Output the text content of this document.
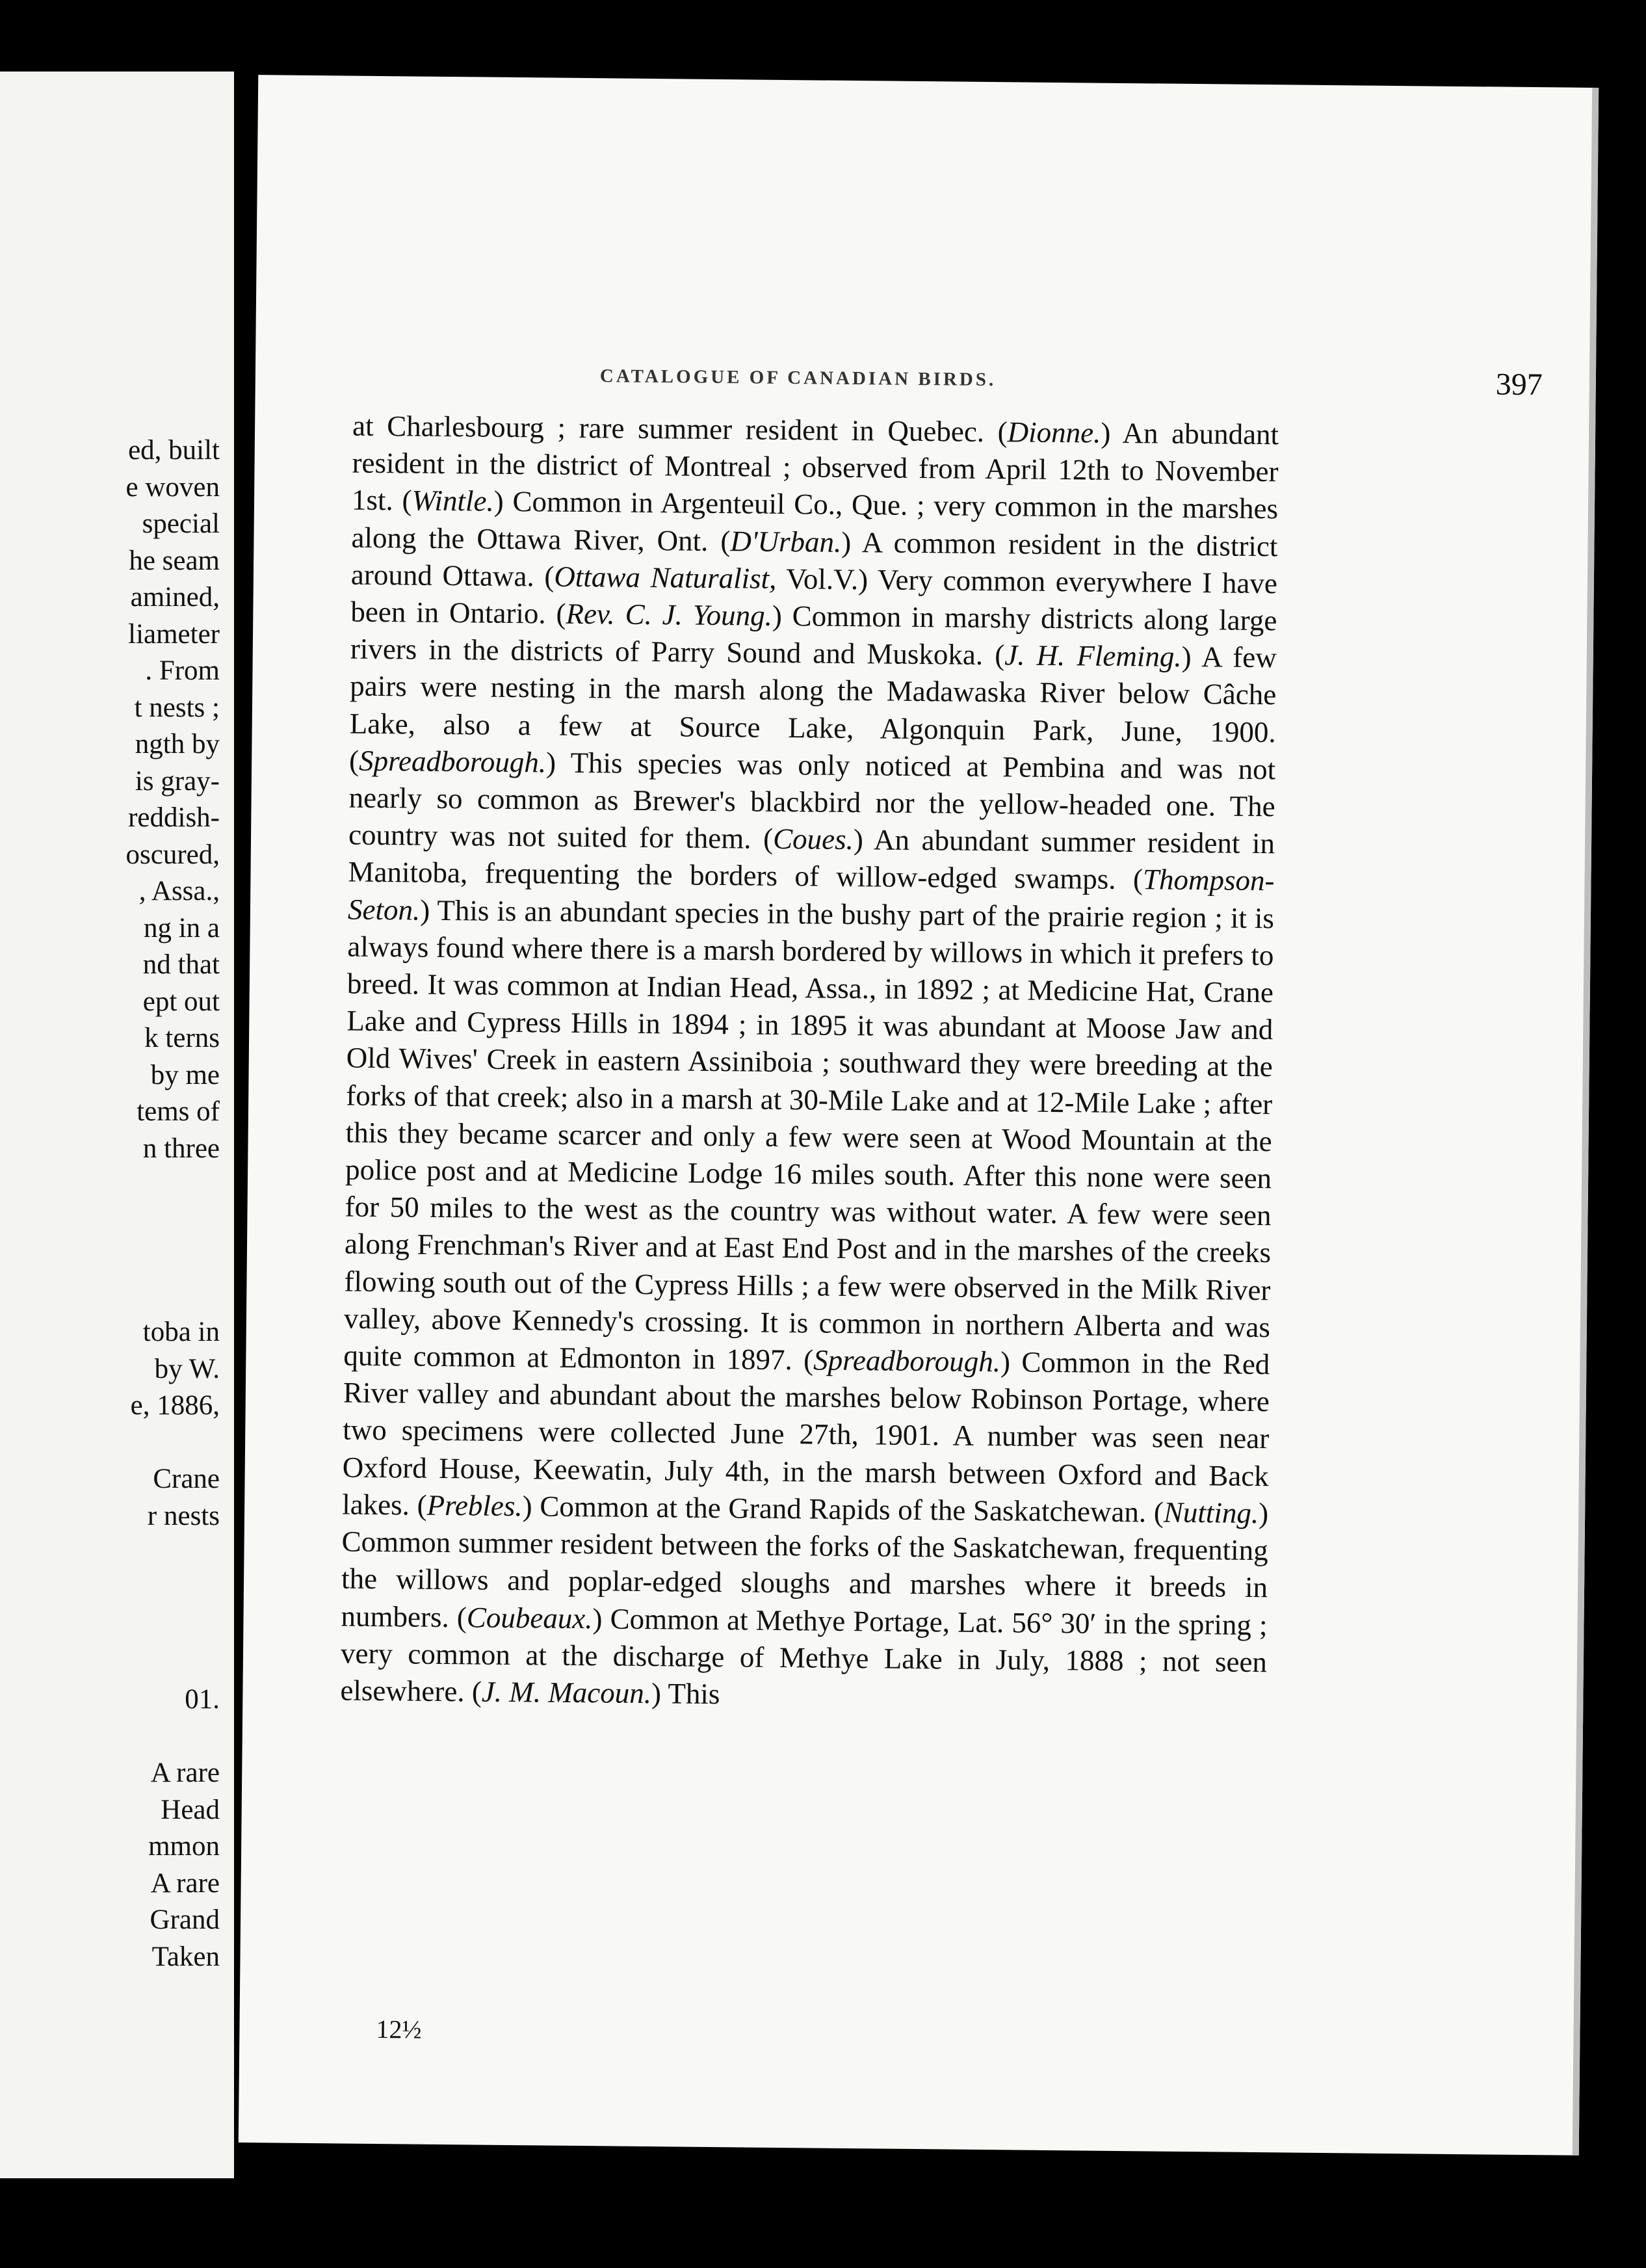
ed, built
e woven
special
he seam
amined,
liameter
. From
t nests ;
ngth by
is gray-
reddish-
oscured,
, Assa.,
ng in a
nd that
ept out
k terns
by me
tems of
n three
toba in
by W.
e, 1886,
Crane
r nests
01.
A rare
Head
mmon
A rare
Grand
Taken
CATALOGUE OF CANADIAN BIRDS.	397

at Charlesbourg ; rare summer resident in Quebec. (Dionne.) An abundant resident in the district of Montreal ; observed from April 12th to November 1st. (Wintle.) Common in Argenteuil Co., Que. ; very common in the marshes along the Ottawa River, Ont. (D'Urban.) A common resident in the district around Ottawa. (Ottawa Naturalist, Vol.V.) Very common everywhere I have been in Ontario. (Rev. C. J. Young.) Common in marshy districts along large rivers in the districts of Parry Sound and Muskoka. (J. H. Fleming.) A few pairs were nesting in the marsh along the Madawaska River below Câche Lake, also a few at Source Lake, Algonquin Park, June, 1900. (Spreadborough.) This species was only noticed at Pembina and was not nearly so common as Brewer's blackbird nor the yellow-headed one. The country was not suited for them. (Coues.) An abundant summer resident in Manitoba, frequenting the borders of willow-edged swamps. (Thompson-Seton.) This is an abundant species in the bushy part of the prairie region ; it is always found where there is a marsh bordered by willows in which it prefers to breed. It was common at Indian Head, Assa., in 1892 ; at Medicine Hat, Crane Lake and Cypress Hills in 1894 ; in 1895 it was abundant at Moose Jaw and Old Wives' Creek in eastern Assiniboia ; southward they were breeding at the forks of that creek; also in a marsh at 30-Mile Lake and at 12-Mile Lake ; after this they became scarcer and only a few were seen at Wood Mountain at the police post and at Medicine Lodge 16 miles south. After this none were seen for 50 miles to the west as the country was without water. A few were seen along Frenchman's River and at East End Post and in the marshes of the creeks flowing south out of the Cypress Hills ; a few were observed in the Milk River valley, above Kennedy's crossing. It is common in northern Alberta and was quite common at Edmonton in 1897. (Spreadborough.) Common in the Red River valley and abundant about the marshes below Robinson Portage, where two specimens were collected June 27th, 1901. A number was seen near Oxford House, Keewatin, July 4th, in the marsh between Oxford and Back lakes. (Prebles.) Common at the Grand Rapids of the Saskatchewan. (Nutting.) Common summer resident between the forks of the Saskatchewan, frequenting the willows and poplar-edged sloughs and marshes where it breeds in numbers. (Coubeaux.) Common at Methye Portage, Lat. 56° 30′ in the spring ; very common at the discharge of Methye Lake in July, 1888 ; not seen elsewhere. (J. M. Macoun.) This

12½
